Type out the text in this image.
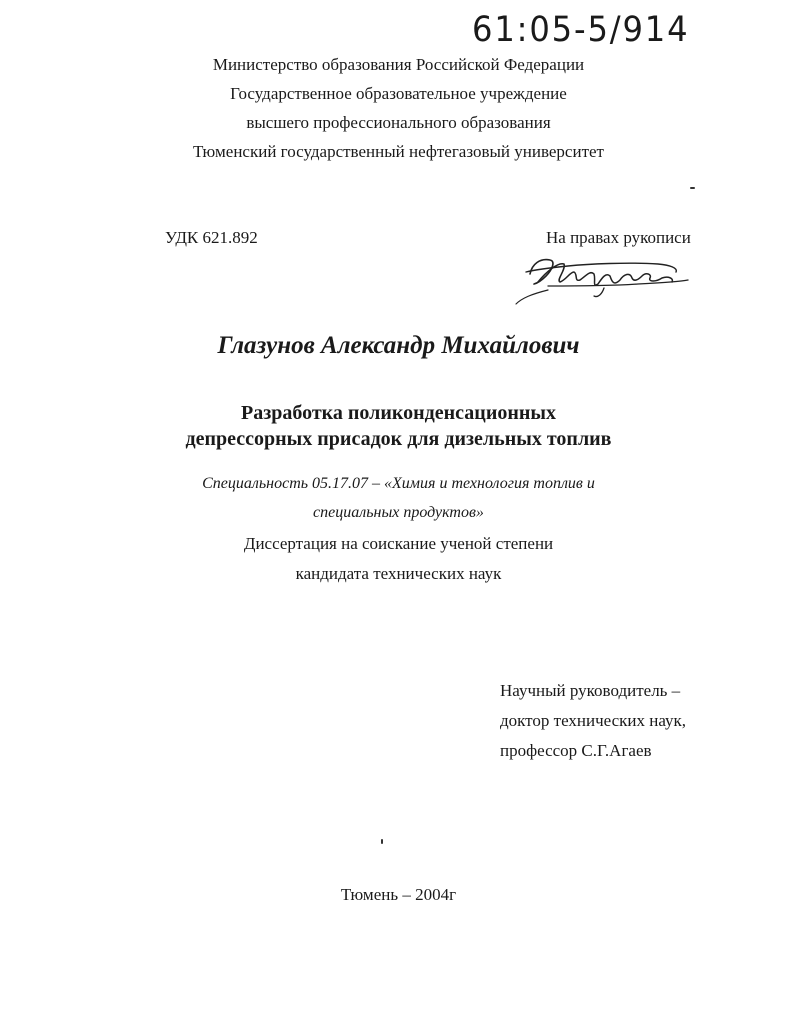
61:05-5/914
Министерство образования Российской Федерации
Государственное образовательное учреждение
высшего профессионального образования
Тюменский государственный нефтегазовый университет
УДК 621.892	На правах рукописи
Глазунов Александр Михайлович
Разработка поликонденсационных
депрессорных присадок для дизельных топлив
Специальность 05.17.07 – «Химия и технология топлив и
специальных продуктов»
Диссертация на соискание ученой степени
кандидата технических наук
Научный руководитель –
доктор технических наук,
профессор С.Г.Агаев
Тюмень – 2004г
